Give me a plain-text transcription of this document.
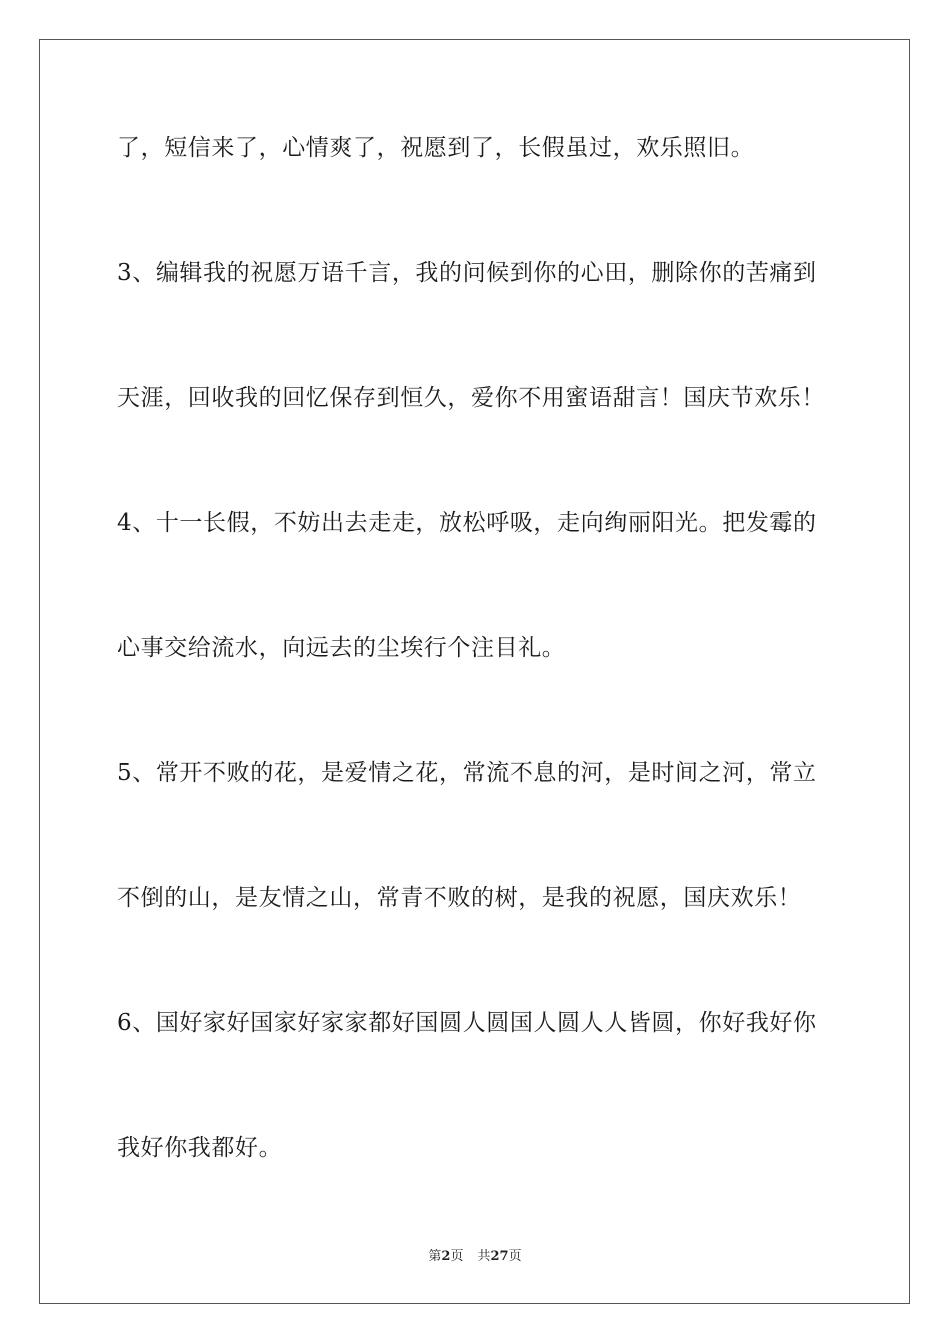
了，短信来了，心情爽了，祝愿到了，长假虽过，欢乐照旧。
3、编辑我的祝愿万语千言，我的问候到你的心田，删除你的苦痛到
天涯，回收我的回忆保存到恒久，爱你不用蜜语甜言！国庆节欢乐！
4、十一长假，不妨出去走走，放松呼吸，走向绚丽阳光。把发霉的
心事交给流水，向远去的尘埃行个注目礼。
5、常开不败的花，是爱情之花，常流不息的河，是时间之河，常立
不倒的山，是友情之山，常青不败的树，是我的祝愿，国庆欢乐！
6、国好家好国家好家家都好国圆人圆国人圆人人皆圆，你好我好你
我好你我都好。
第2页 共27页
